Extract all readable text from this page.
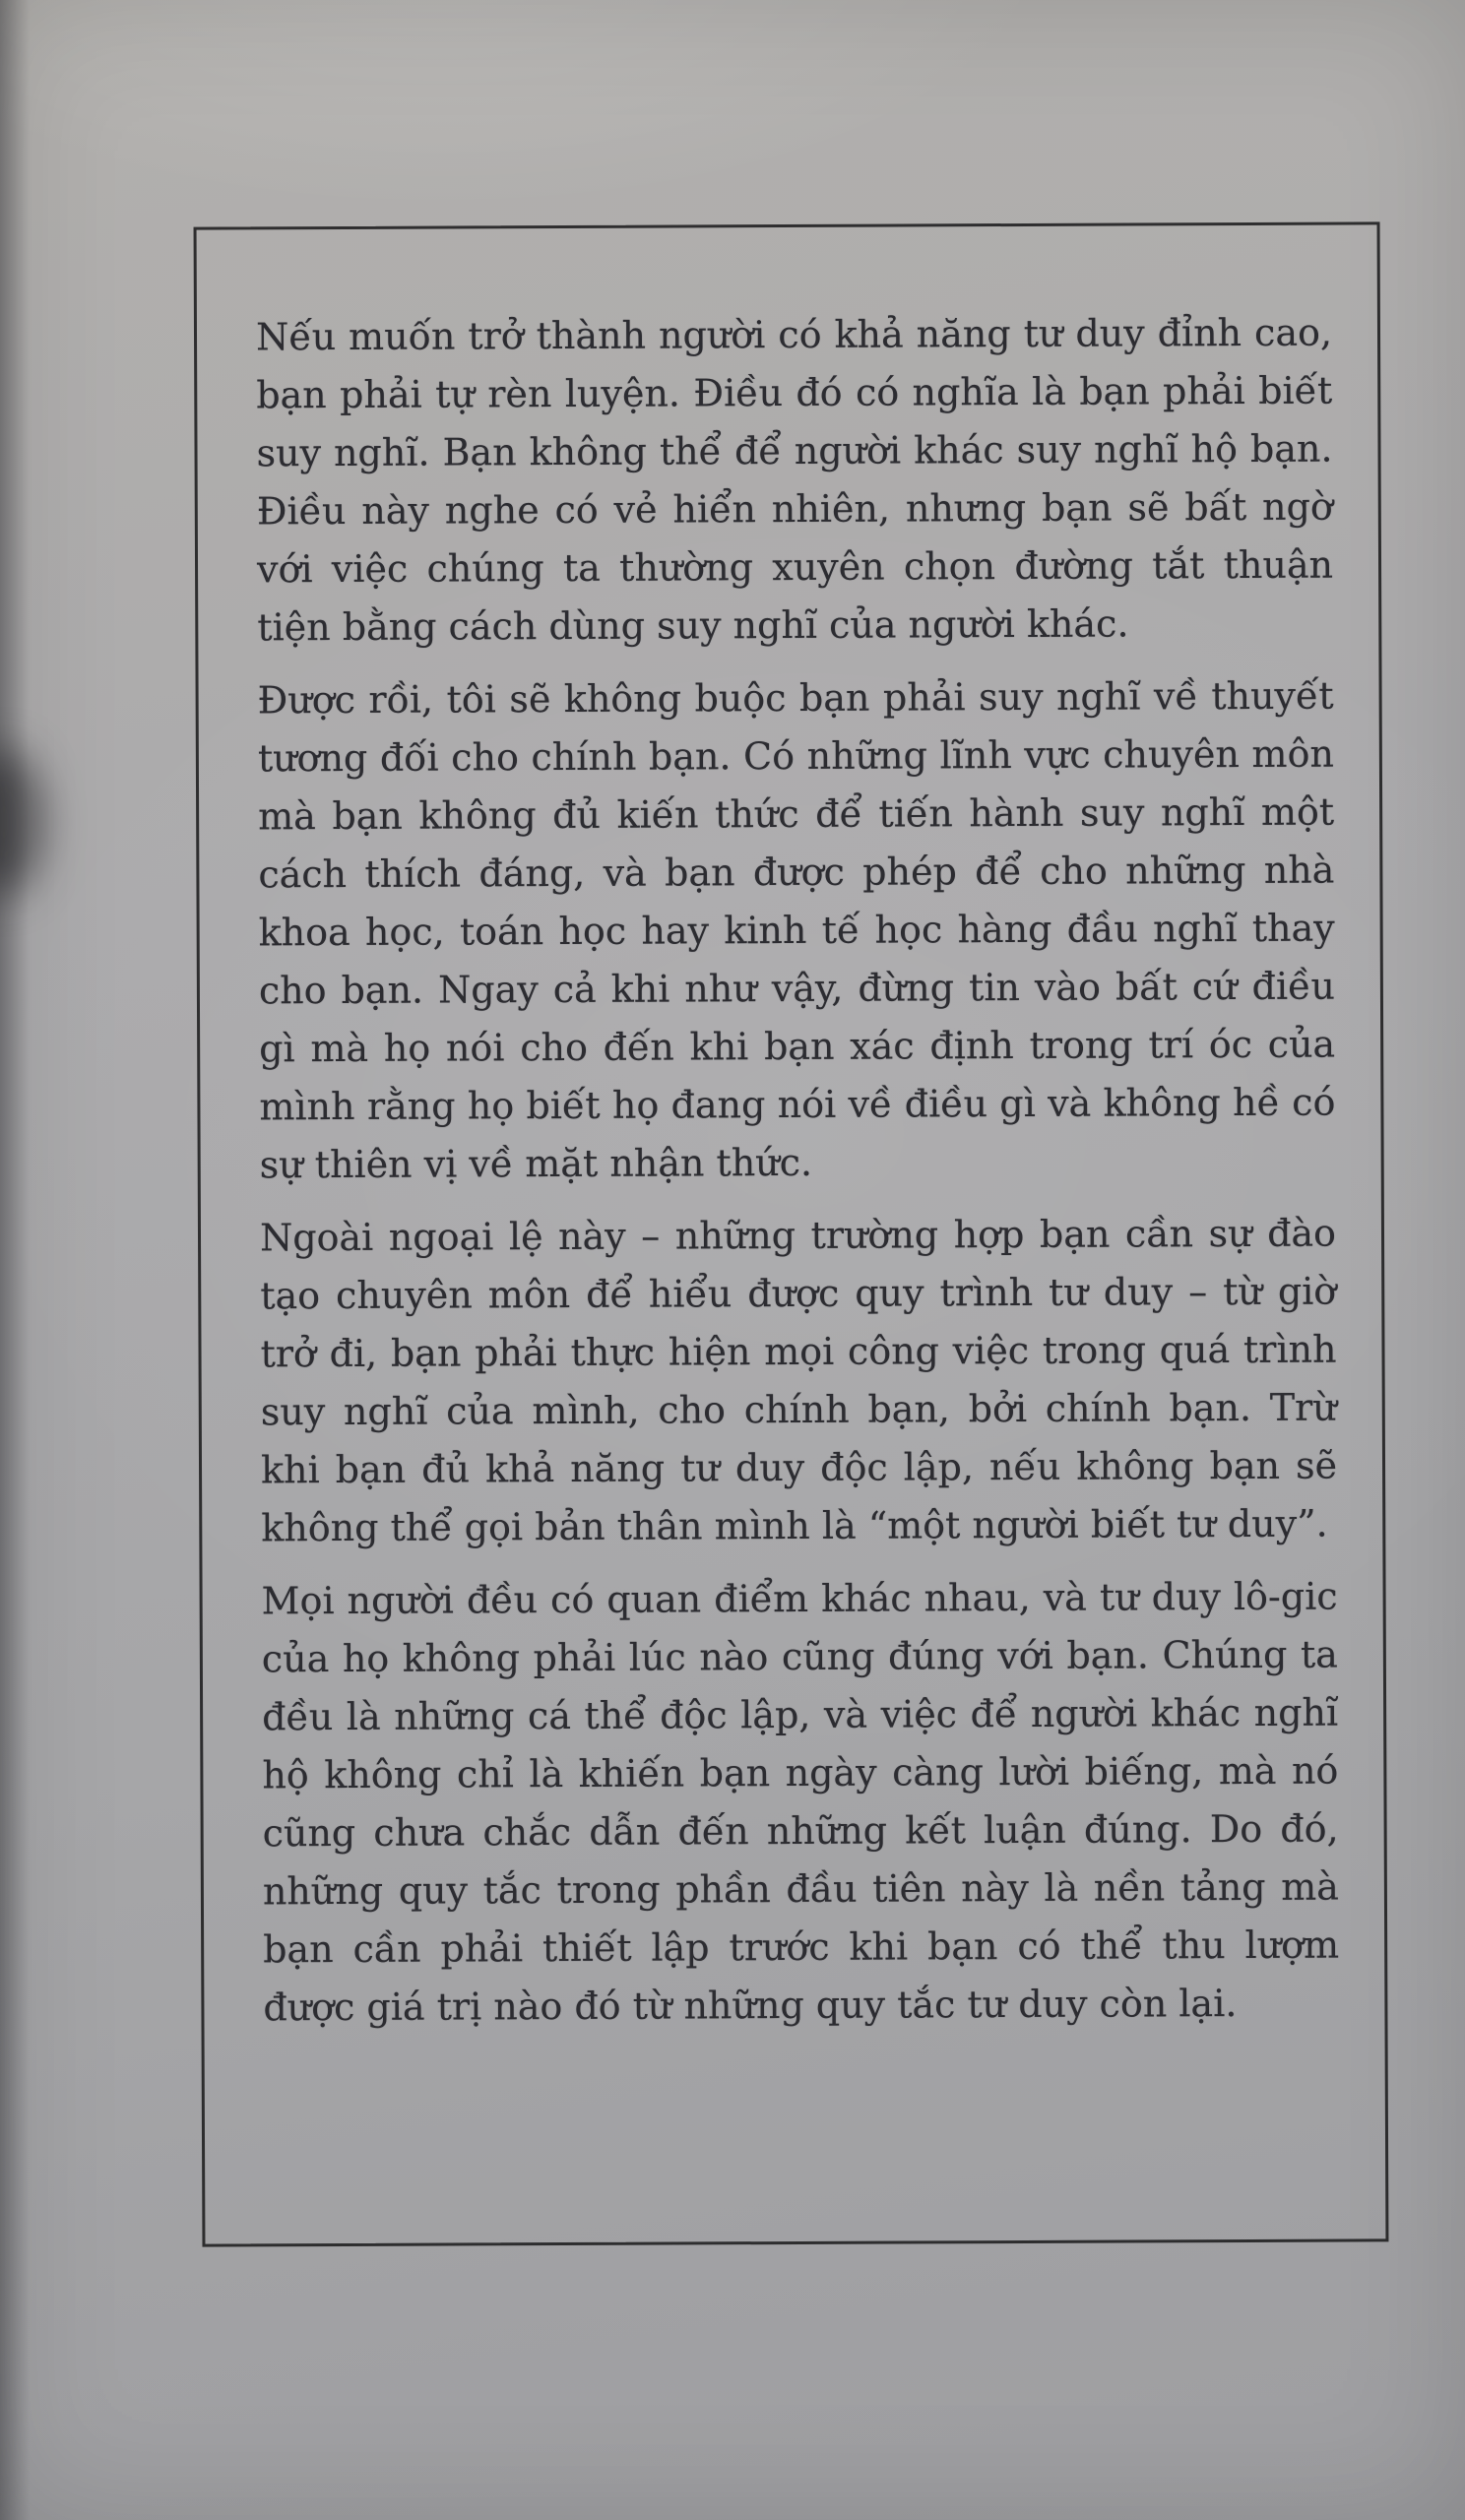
Nếu muốn trở thành người có khả năng tư duy đỉnh cao, bạn phải tự rèn luyện. Điều đó có nghĩa là bạn phải biết suy nghĩ. Bạn không thể để người khác suy nghĩ hộ bạn. Điều này nghe có vẻ hiển nhiên, nhưng bạn sẽ bất ngờ với việc chúng ta thường xuyên chọn đường tắt thuận tiện bằng cách dùng suy nghĩ của người khác.

Được rồi, tôi sẽ không buộc bạn phải suy nghĩ về thuyết tương đối cho chính bạn. Có những lĩnh vực chuyên môn mà bạn không đủ kiến thức để tiến hành suy nghĩ một cách thích đáng, và bạn được phép để cho những nhà khoa học, toán học hay kinh tế học hàng đầu nghĩ thay cho bạn. Ngay cả khi như vậy, đừng tin vào bất cứ điều gì mà họ nói cho đến khi bạn xác định trong trí óc của mình rằng họ biết họ đang nói về điều gì và không hề có sự thiên vị về mặt nhận thức.

Ngoài ngoại lệ này – những trường hợp bạn cần sự đào tạo chuyên môn để hiểu được quy trình tư duy – từ giờ trở đi, bạn phải thực hiện mọi công việc trong quá trình suy nghĩ của mình, cho chính bạn, bởi chính bạn. Trừ khi bạn đủ khả năng tư duy độc lập, nếu không bạn sẽ không thể gọi bản thân mình là “một người biết tư duy”.

Mọi người đều có quan điểm khác nhau, và tư duy lô-gic của họ không phải lúc nào cũng đúng với bạn. Chúng ta đều là những cá thể độc lập, và việc để người khác nghĩ hộ không chỉ là khiến bạn ngày càng lười biếng, mà nó cũng chưa chắc dẫn đến những kết luận đúng. Do đó, những quy tắc trong phần đầu tiên này là nền tảng mà bạn cần phải thiết lập trước khi bạn có thể thu lượm được giá trị nào đó từ những quy tắc tư duy còn lại.
